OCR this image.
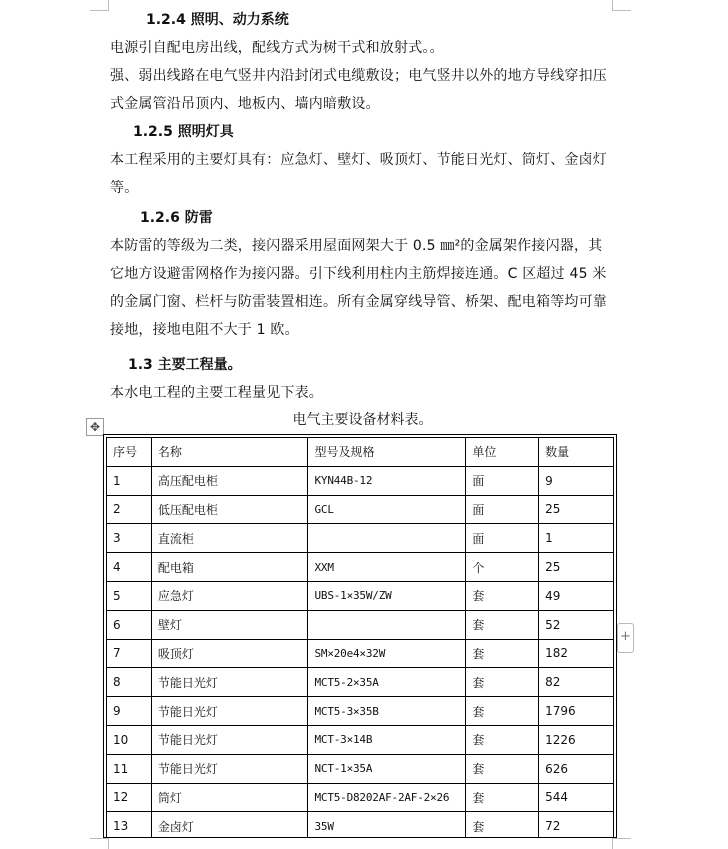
1.2.4 照明、动力系统
电源引自配电房出线，配线方式为树干式和放射式。。
强、弱出线路在电气竖井内沿封闭式电缆敷设；电气竖井以外的地方导线穿扣压
式金属管沿吊顶内、地板内、墙内暗敷设。
1.2.5 照明灯具
本工程采用的主要灯具有：应急灯、壁灯、吸顶灯、节能日光灯、筒灯、金卤灯
等。
1.2.6 防雷
本防雷的等级为二类，接闪器采用屋面网架大于 0.5 ㎜²的金属架作接闪器，其
它地方设避雷网格作为接闪器。引下线利用柱内主筋焊接连通。C 区超过 45 米
的金属门窗、栏杆与防雷装置相连。所有金属穿线导管、桥架、配电箱等均可靠
接地，接地电阻不大于 1 欧。
1.3 主要工程量。
本水电工程的主要工程量见下表。
✥	电气主要设备材料表。
+
序号	名称	型号及规格	单位	数量
1	高压配电柜	KYN44B-12	面	9
2	低压配电柜	GCL	面	25
3	直流柜		面	1
4	配电箱	XXM	个	25
5	应急灯	UBS-1×35W/ZW	套	49
6	壁灯		套	52
7	吸顶灯	SM×20e4×32W	套	182
8	节能日光灯	MCT5-2×35A	套	82
9	节能日光灯	MCT5-3×35B	套	1796
10	节能日光灯	MCT-3×14B	套	1226
11	节能日光灯	NCT-1×35A	套	626
12	筒灯	MCT5-D8202AF-2AF-2×26	套	544
13	金卤灯	35W	套	72
